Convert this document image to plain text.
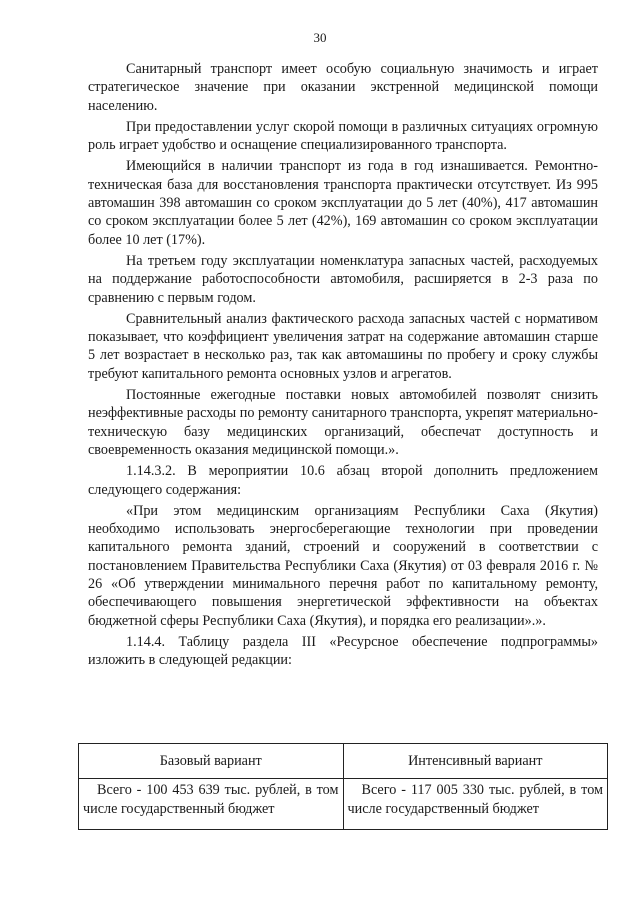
30

Санитарный транспорт имеет особую социальную значимость и играет стратегическое значение при оказании экстренной медицинской помощи населению.

При предоставлении услуг скорой помощи в различных ситуациях огромную роль играет удобство и оснащение специализированного транспорта.

Имеющийся в наличии транспорт из года в год изнашивается. Ремонтно-техническая база для восстановления транспорта практически отсутствует. Из 995 автомашин 398 автомашин со сроком эксплуатации до 5 лет (40%), 417 автомашин со сроком эксплуатации более 5 лет (42%), 169 автомашин со сроком эксплуатации более 10 лет (17%).

На третьем году эксплуатации номенклатура запасных частей, расходуемых на поддержание работоспособности автомобиля, расширяется в 2-3 раза по сравнению с первым годом.

Сравнительный анализ фактического расхода запасных частей с нормативом показывает, что коэффициент увеличения затрат на содержание автомашин старше 5 лет возрастает в несколько раз, так как автомашины по пробегу и сроку службы требуют капитального ремонта основных узлов и агрегатов.

Постоянные ежегодные поставки новых автомобилей позволят снизить неэффективные расходы по ремонту санитарного транспорта, укрепят материально-техническую базу медицинских организаций, обеспечат доступность и своевременность оказания медицинской помощи.».

1.14.3.2. В мероприятии 10.6 абзац второй дополнить предложением следующего содержания:

«При этом медицинским организациям Республики Саха (Якутия) необходимо использовать энергосберегающие технологии при проведении капитального ремонта зданий, строений и сооружений в соответствии с постановлением Правительства Республики Саха (Якутия) от 03 февраля 2016 г. № 26 «Об утверждении минимального перечня работ по капитальному ремонту, обеспечивающего повышения энергетической эффективности на объектах бюджетной сферы Республики Саха (Якутия), и порядка его реализации».».

1.14.4. Таблицу раздела III «Ресурсное обеспечение подпрограммы» изложить в следующей редакции:

Базовый вариант	Интенсивный вариант
Всего - 100 453 639 тыс. рублей, в том числе государственный бюджет	Всего - 117 005 330 тыс. рублей, в том числе государственный бюджет
